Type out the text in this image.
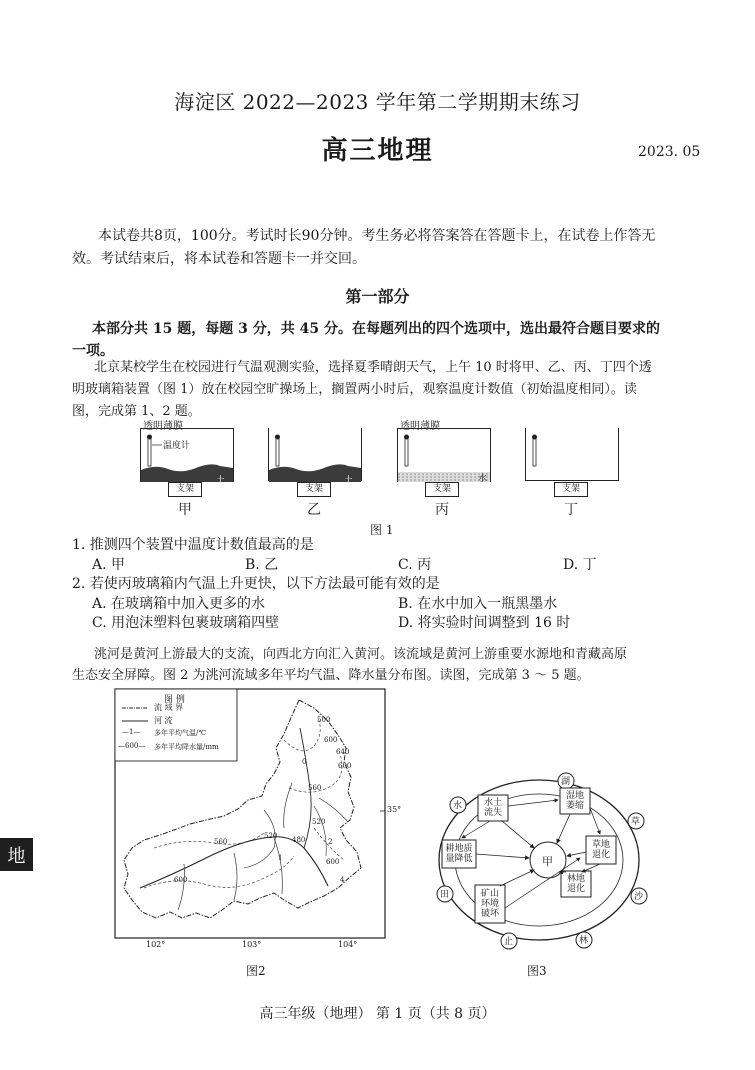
海淀区 2022—2023 学年第二学期期末练习
高三地理	2023. 05
本试卷共8页，100分。考试时长90分钟。考生务必将答案答在答题卡上，在试卷上作答无
效。考试结束后，将本试卷和答题卡一并交回。
第一部分
本部分共 15 题，每题 3 分，共 45 分。在每题列出的四个选项中，选出最符合题目要求的
一项。
北京某校学生在校园进行气温观测实验，选择夏季晴朗天气，上午 10 时将甲、乙、丙、丁四个透
明玻璃箱装置（图 1）放在校园空旷操场上，搁置两小时后，观察温度计数值（初始温度相同）。读
图，完成第 1、2 题。
透明薄膜
温度计
土
支架
甲
土
支架
乙
透明薄膜
水
支架
丙
支架
丁
图 1
1. 推测四个装置中温度计数值最高的是
A. 甲	B. 乙	C. 丙	D. 丁
2. 若使丙玻璃箱内气温上升更快，以下方法最可能有效的是
A. 在玻璃箱中加入更多的水	B. 在水中加入一瓶黑墨水
C. 用泡沫塑料包裹玻璃箱四壁	D. 将实验时间调整到 16 时
洮河是黄河上游最大的支流，向西北方向汇入黄河。该流域是黄河上游重要水源地和青藏高原
生态安全屏障。图 2 为洮河流域多年平均气温、降水量分布图。读图，完成第 3 ～ 5 题。
图 例
流 域 界
河 流
—1— 多年平均气温/℃
—600— 多年平均降水量/mm
500
600
640
600
560
520
480
520
560
600
600
0
1
2
4
35°
102°	103°	104°
图2
湖
草
沙
林
止
田
水	水土流失
湿地萎缩
草地退化
林地退化
矿山环境破坏
耕地质量降低	甲
图3
地
高三年级（地理） 第 1 页（共 8 页）
